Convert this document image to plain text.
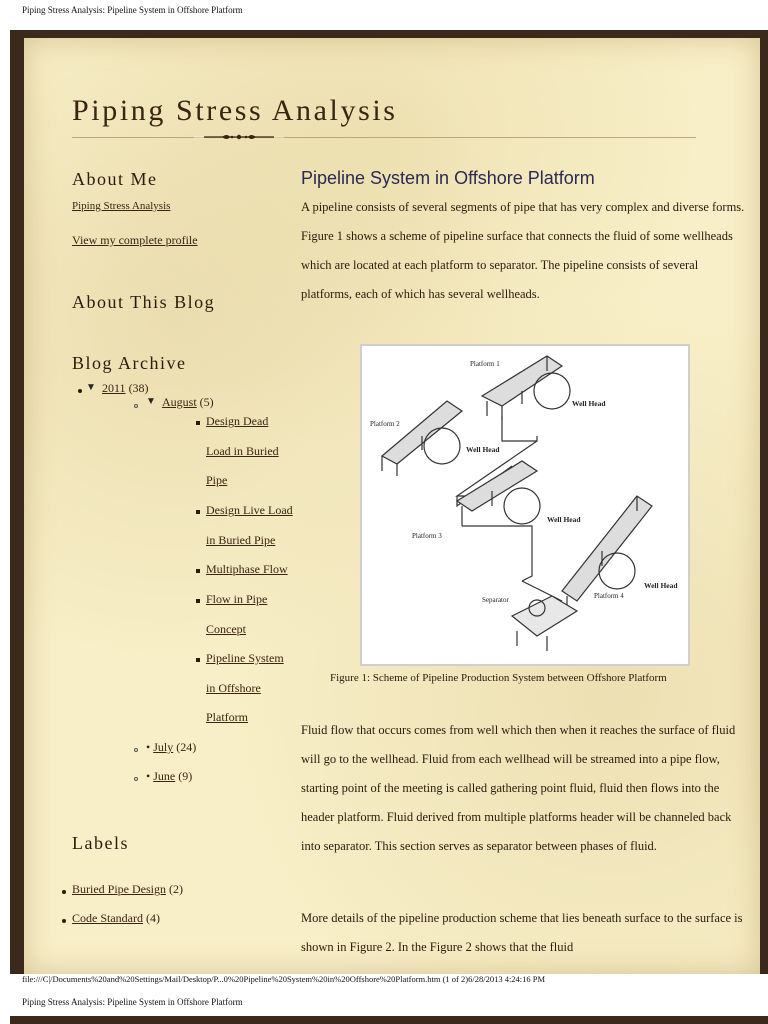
Piping Stress Analysis: Pipeline System in Offshore Platform
Piping Stress Analysis
About Me
Piping Stress Analysis
View my complete profile
About This Blog
Blog Archive
▼ 2011 (38)
▼ August (5)
Design Dead
Load in Buried
Pipe
Design Live Load
in Buried Pipe
Multiphase Flow
Flow in Pipe
Concept
Pipeline System
in Offshore
Platform
• July (24)
• June (9)
Labels
Buried Pipe Design (2)
Code Standard (4)
Pipeline System in Offshore Platform

A pipeline consists of several segments of pipe that has very complex and diverse forms. Figure 1 shows a scheme of pipeline surface that connects the fluid of some wellheads which are located at each platform to separator. The pipeline consists of several platforms, each of which has several wellheads.

Platform 1
Platform 2
Platform 3
Platform 4
Separator
Well Head
Well Head
Well Head
Well Head
Figure 1: Scheme of Pipeline Production System between Offshore Platform

Fluid flow that occurs comes from well which then when it reaches the surface of fluid will go to the wellhead. Fluid from each wellhead will be streamed into a pipe flow, starting point of the meeting is called gathering point fluid, fluid then flows into the header platform. Fluid derived from multiple platforms header will be channeled back into separator. This section serves as separator between phases of fluid.

More details of the pipeline production scheme that lies beneath surface to the surface is shown in Figure 2. In the Figure 2 shows that the fluid

file:///C|/Documents%20and%20Settings/Mail/Desktop/P...0%20Pipeline%20System%20in%20Offshore%20Platform.htm (1 of 2)6/28/2013 4:24:16 PM
Piping Stress Analysis: Pipeline System in Offshore Platform
